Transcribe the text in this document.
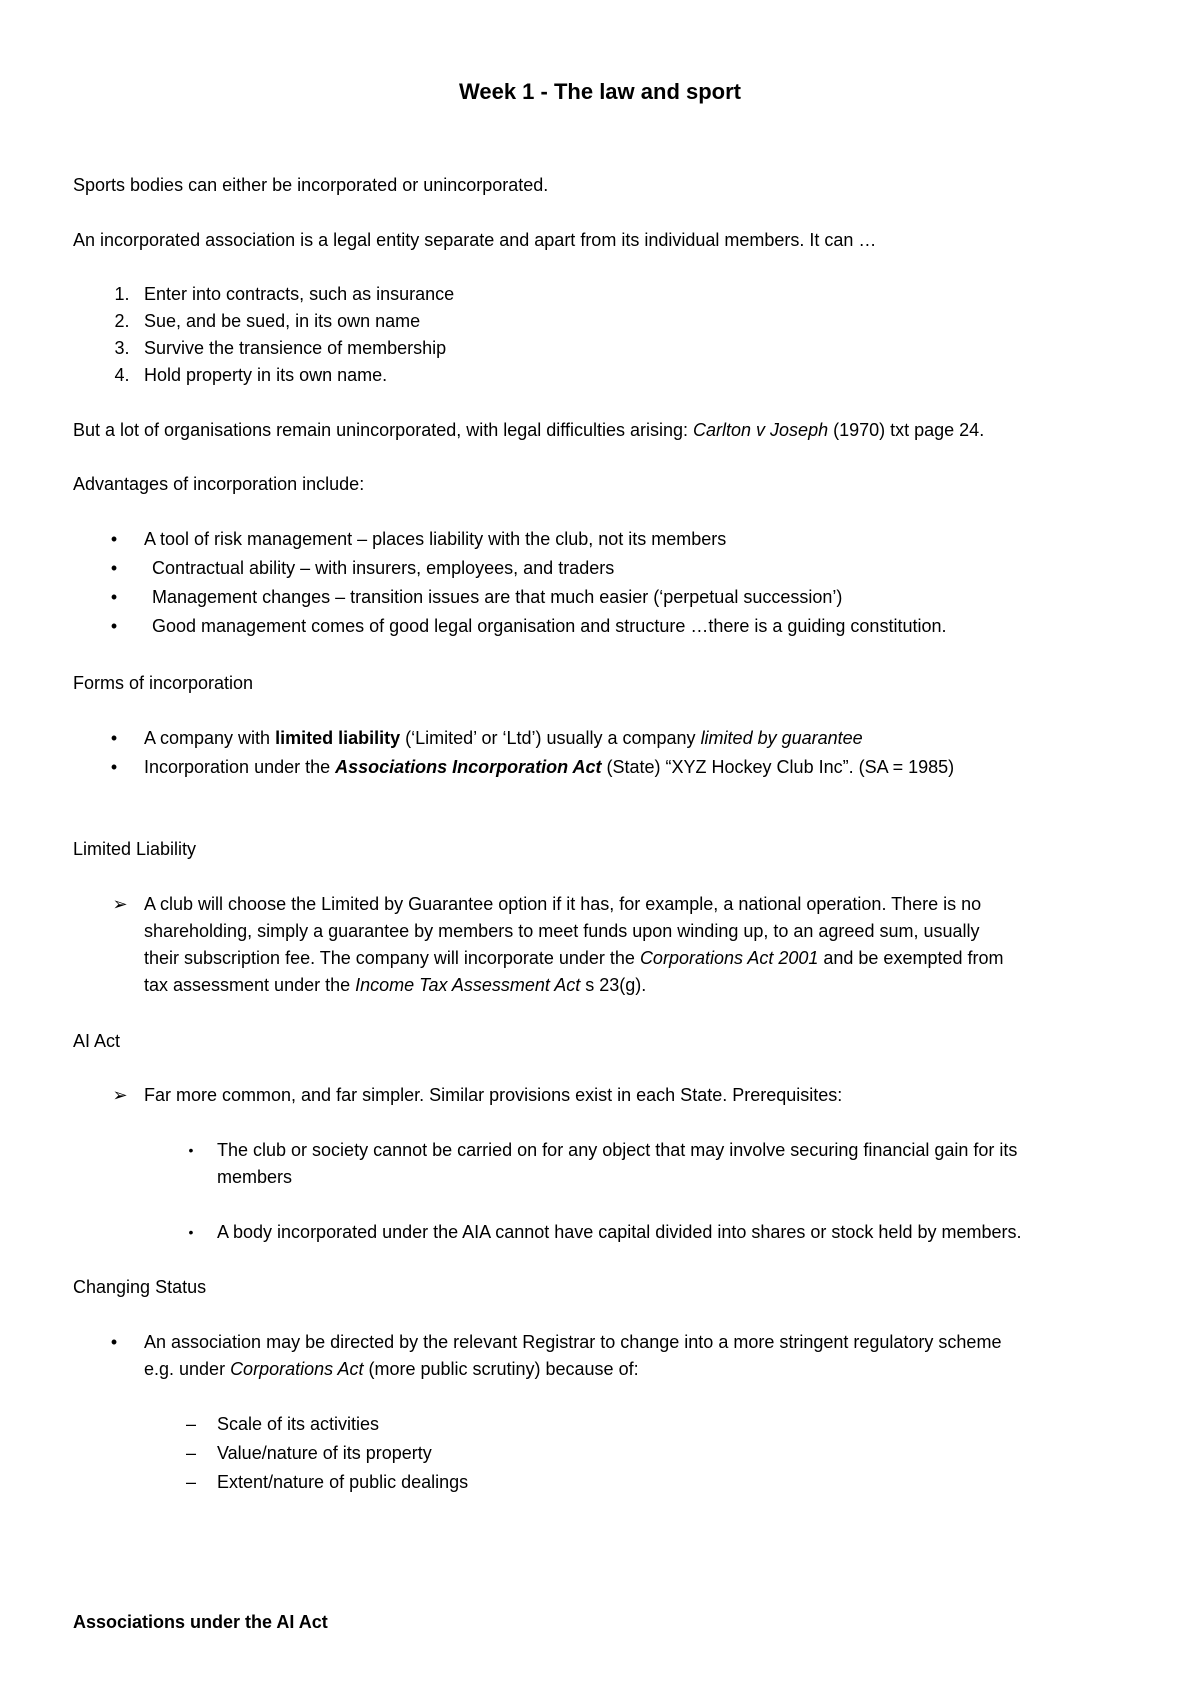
Week 1 - The law and sport
Sports bodies can either be incorporated or unincorporated.
An incorporated association is a legal entity separate and apart from its individual members. It can …
1. Enter into contracts, such as insurance
2. Sue, and be sued, in its own name
3. Survive the transience of membership
4. Hold property in its own name.
But a lot of organisations remain unincorporated, with legal difficulties arising: Carlton v Joseph (1970) txt page 24.
Advantages of incorporation include:
•	A tool of risk management – places liability with the club, not its members
•	Contractual ability – with insurers, employees, and traders
•	Management changes – transition issues are that much easier (‘perpetual succession’)
•	Good management comes of good legal organisation and structure …there is a guiding constitution.
Forms of incorporation
•	A company with limited liability (‘Limited’ or ‘Ltd’) usually a company limited by guarantee
•	Incorporation under the Associations Incorporation Act (State) “XYZ Hockey Club Inc”. (SA = 1985)
Limited Liability
➢ A club will choose the Limited by Guarantee option if it has, for example, a national operation. There is no
shareholding, simply a guarantee by members to meet funds upon winding up, to an agreed sum, usually
their subscription fee. The company will incorporate under the Corporations Act 2001 and be exempted from
tax assessment under the Income Tax Assessment Act s 23(g).
AI Act
➢ Far more common, and far simpler. Similar provisions exist in each State. Prerequisites:
•	The club or society cannot be carried on for any object that may involve securing financial gain for its
members
•	A body incorporated under the AIA cannot have capital divided into shares or stock held by members.
Changing Status
•	An association may be directed by the relevant Registrar to change into a more stringent regulatory scheme
e.g. under Corporations Act (more public scrutiny) because of:
–	Scale of its activities
–	Value/nature of its property
–	Extent/nature of public dealings
Associations under the AI Act
